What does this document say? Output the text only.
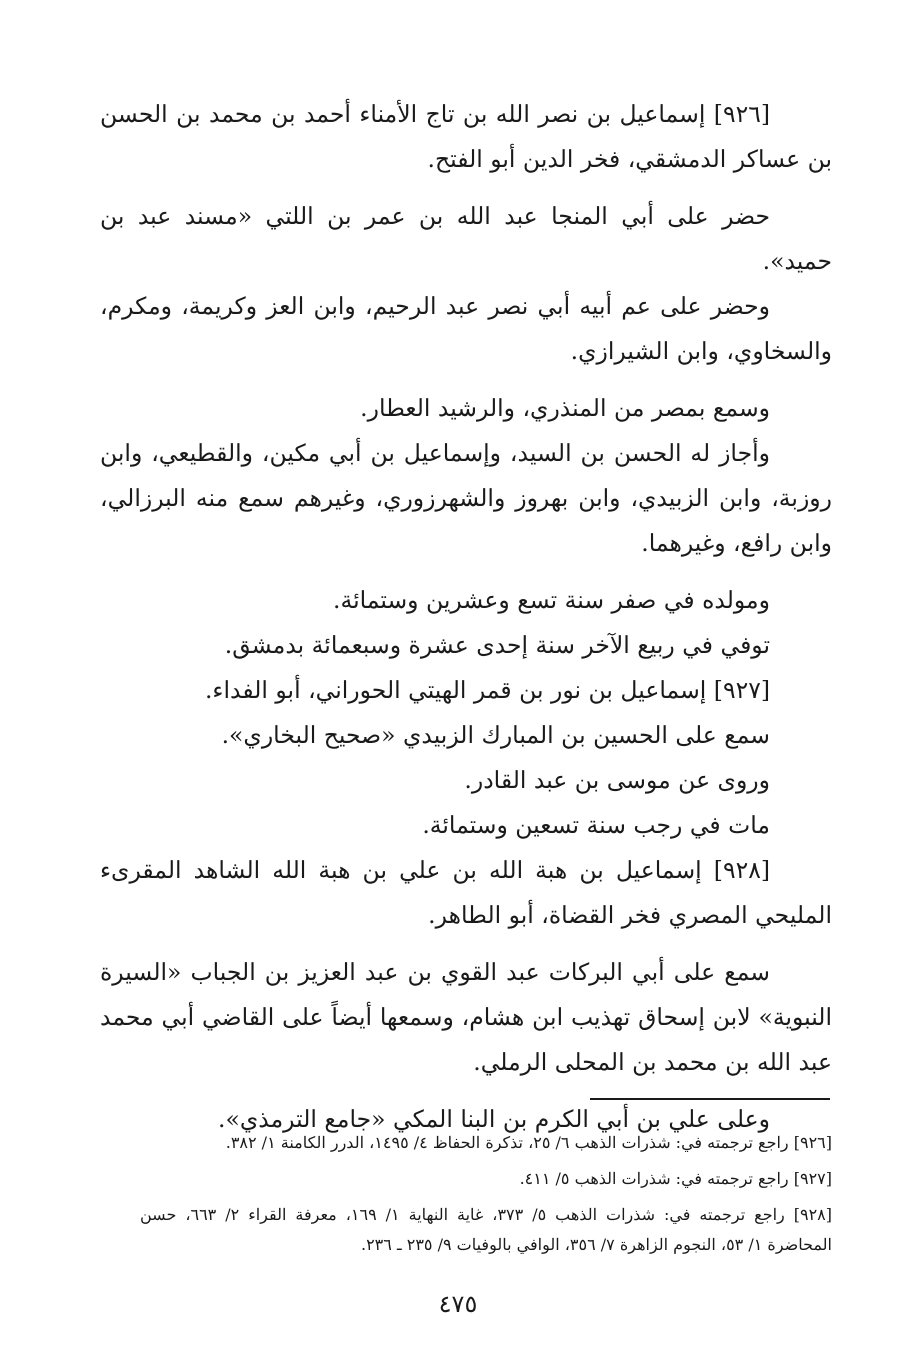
[٩٢٦] إسماعيل بن نصر الله بن تاج الأمناء أحمد بن محمد بن الحسن بن عساكر الدمشقي، فخر الدين أبو الفتح.

حضر على أبي المنجا عبد الله بن عمر بن اللتي «مسند عبد بن حميد».

وحضر على عم أبيه أبي نصر عبد الرحيم، وابن العز وكريمة، ومكرم، والسخاوي، وابن الشيرازي.

وسمع بمصر من المنذري، والرشيد العطار.

وأجاز له الحسن بن السيد، وإسماعيل بن أبي مكين، والقطيعي، وابن روزبة، وابن الزبيدي، وابن بهروز والشهرزوري، وغيرهم سمع منه البرزالي، وابن رافع، وغيرهما.

ومولده في صفر سنة تسع وعشرين وستمائة.

توفي في ربيع الآخر سنة إحدى عشرة وسبعمائة بدمشق.

[٩٢٧] إسماعيل بن نور بن قمر الهيتي الحوراني، أبو الفداء.

سمع على الحسين بن المبارك الزبيدي «صحيح البخاري».

وروى عن موسى بن عبد القادر.

مات في رجب سنة تسعين وستمائة.

[٩٢٨] إسماعيل بن هبة الله بن علي بن هبة الله الشاهد المقرىء المليحي المصري فخر القضاة، أبو الطاهر.

سمع على أبي البركات عبد القوي بن عبد العزيز بن الجباب «السيرة النبوية» لابن إسحاق تهذيب ابن هشام، وسمعها أيضاً على القاضي أبي محمد عبد الله بن محمد بن المحلى الرملي.

وعلى علي بن أبي الكرم بن البنا المكي «جامع الترمذي».

[٩٢٦] راجع ترجمته في: شذرات الذهب ٦/ ٢٥، تذكرة الحفاظ ٤/ ١٤٩٥، الدرر الكامنة ١/ ٣٨٢.

[٩٢٧] راجع ترجمته في: شذرات الذهب ٥/ ٤١١.

[٩٢٨] راجع ترجمته في: شذرات الذهب ٥/ ٣٧٣، غاية النهاية ١/ ١٦٩، معرفة القراء ٢/ ٦٦٣، حسن المحاضرة ١/ ٥٣، النجوم الزاهرة ٧/ ٣٥٦، الوافي بالوفيات ٩/ ٢٣٥ ـ ٢٣٦.

٤٧٥
